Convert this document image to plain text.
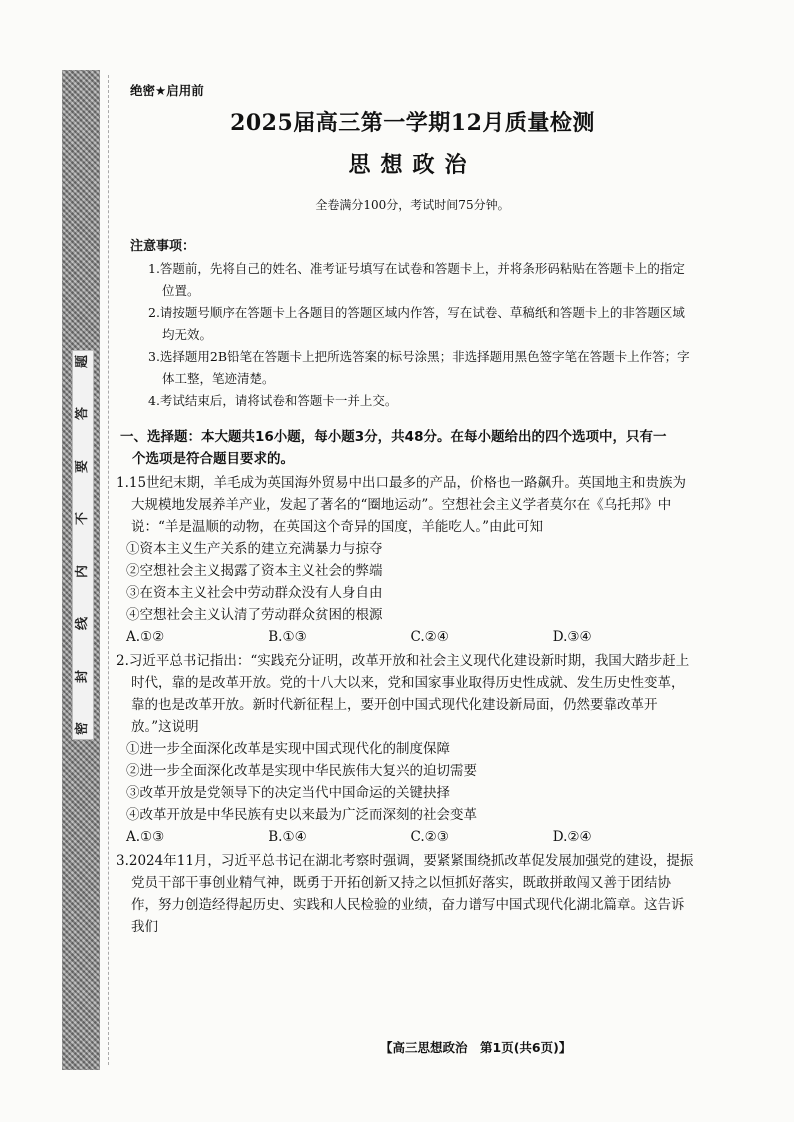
题
答
要
不
内
线
封
密
绝密★启用前
2025届高三第一学期12月质量检测
思想政治
全卷满分100分，考试时间75分钟。
注意事项：
1.答题前，先将自己的姓名、准考证号填写在试卷和答题卡上，并将条形码粘贴在答题卡上的指定位置。
2.请按题号顺序在答题卡上各题目的答题区域内作答，写在试卷、草稿纸和答题卡上的非答题区域均无效。
3.选择题用2B铅笔在答题卡上把所选答案的标号涂黑；非选择题用黑色签字笔在答题卡上作答；字体工整，笔迹清楚。
4.考试结束后，请将试卷和答题卡一并上交。
一、选择题：本大题共16小题，每小题3分，共48分。在每小题给出的四个选项中，只有一
个选项是符合题目要求的。
1.15世纪末期，羊毛成为英国海外贸易中出口最多的产品，价格也一路飙升。英国地主和贵族为大规模地发展养羊产业，发起了著名的“圈地运动”。空想社会主义学者莫尔在《乌托邦》中说：“羊是温顺的动物，在英国这个奇异的国度，羊能吃人。”由此可知
①资本主义生产关系的建立充满暴力与掠夺
②空想社会主义揭露了资本主义社会的弊端
③在资本主义社会中劳动群众没有人身自由
④空想社会主义认清了劳动群众贫困的根源
A.①②	B.①③	C.②④	D.③④
2.习近平总书记指出：“实践充分证明，改革开放和社会主义现代化建设新时期，我国大踏步赶上时代，靠的是改革开放。党的十八大以来，党和国家事业取得历史性成就、发生历史性变革，靠的也是改革开放。新时代新征程上，要开创中国式现代化建设新局面，仍然要靠改革开放。”这说明
①进一步全面深化改革是实现中国式现代化的制度保障
②进一步全面深化改革是实现中华民族伟大复兴的迫切需要
③改革开放是党领导下的决定当代中国命运的关键抉择
④改革开放是中华民族有史以来最为广泛而深刻的社会变革
A.①③	B.①④	C.②③	D.②④
3.2024年11月，习近平总书记在湖北考察时强调，要紧紧围绕抓改革促发展加强党的建设，提振党员干部干事创业精气神，既勇于开拓创新又持之以恒抓好落实，既敢拼敢闯又善于团结协作，努力创造经得起历史、实践和人民检验的业绩，奋力谱写中国式现代化湖北篇章。这告诉我们
【高三思想政治　第1页(共6页)】
